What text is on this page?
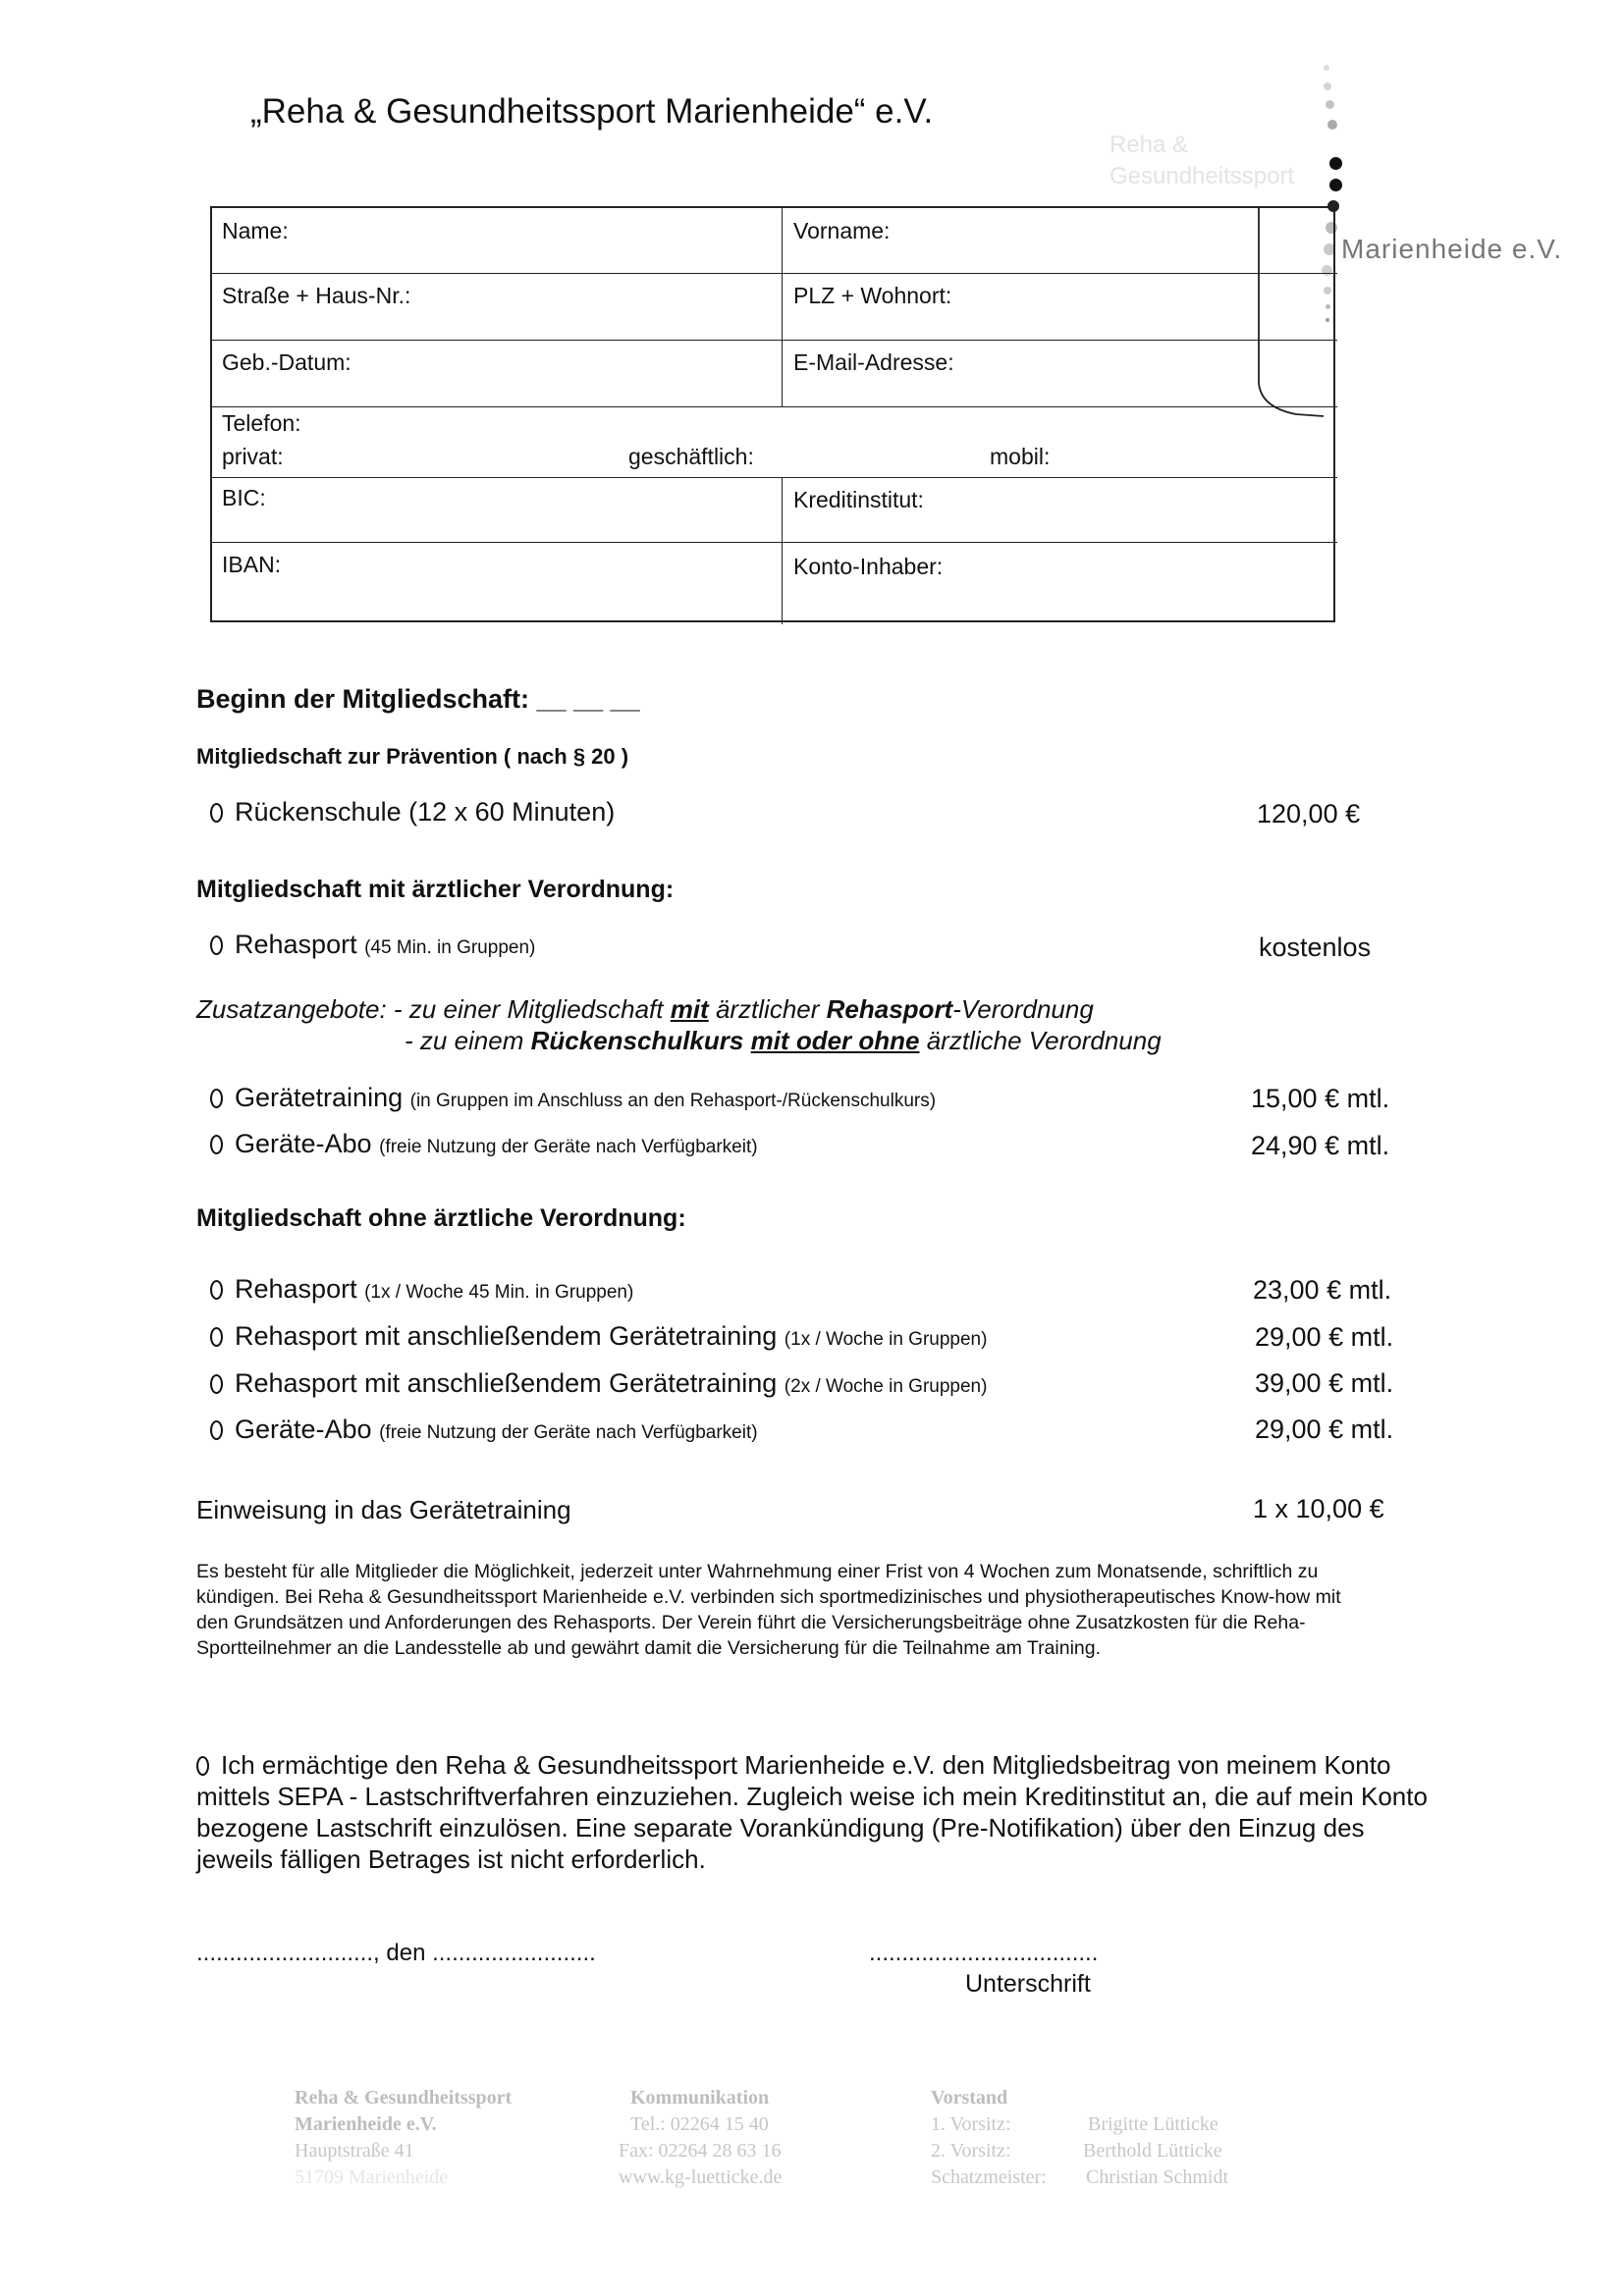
„Reha & Gesundheitssport Marienheide“ e.V.
Reha &
Gesundheitssport
Marienheide e.V.
Name:	Vorname:
Straße + Haus-Nr.:	PLZ + Wohnort:
Geb.-Datum:	E-Mail-Adresse:
Telefon:
privat:	geschäftlich:	mobil:
BIC:	Kreditinstitut:
IBAN:	Konto-Inhaber:
Beginn der Mitgliedschaft: __ __ __
Mitgliedschaft zur Prävention ( nach § 20 )
Rückenschule (12 x 60 Minuten)	120,00 €
Mitgliedschaft mit ärztlicher Verordnung:
Rehasport (45 Min. in Gruppen)	kostenlos
Zusatzangebote: - zu einer Mitgliedschaft mit ärztlicher Rehasport-Verordnung
- zu einem Rückenschulkurs mit oder ohne ärztliche Verordnung
Gerätetraining (in Gruppen im Anschluss an den Rehasport-/Rückenschulkurs)	15,00 € mtl.
Geräte-Abo (freie Nutzung der Geräte nach Verfügbarkeit)	24,90 € mtl.
Mitgliedschaft ohne ärztliche Verordnung:
Rehasport (1x / Woche 45 Min. in Gruppen)	23,00 € mtl.
Rehasport mit anschließendem Gerätetraining (1x / Woche in Gruppen)	29,00 € mtl.
Rehasport mit anschließendem Gerätetraining (2x / Woche in Gruppen)	39,00 € mtl.
Geräte-Abo (freie Nutzung der Geräte nach Verfügbarkeit)	29,00 € mtl.
Einweisung in das Gerätetraining	1 x 10,00 €
Es besteht für alle Mitglieder die Möglichkeit, jederzeit unter Wahrnehmung einer Frist von 4 Wochen zum Monatsende, schriftlich zu kündigen. Bei Reha & Gesundheitssport Marienheide e.V. verbinden sich sportmedizinisches und physiotherapeutisches Know-how mit den Grundsätzen und Anforderungen des Rehasports. Der Verein führt die Versicherungsbeiträge ohne Zusatzkosten für die Reha-Sportteilnehmer an die Landesstelle ab und gewährt damit die Versicherung für die Teilnahme am Training.
Ich ermächtige den Reha & Gesundheitssport Marienheide e.V. den Mitgliedsbeitrag von meinem Konto mittels SEPA - Lastschriftverfahren einzuziehen. Zugleich weise ich mein Kreditinstitut an, die auf mein Konto bezogene Lastschrift einzulösen. Eine separate Vorankündigung (Pre-Notifikation) über den Einzug des jeweils fälligen Betrages ist nicht erforderlich.
..........................., den .........................	...................................
Unterschrift
Reha & Gesundheitssport
Marienheide e.V.
Hauptstraße 41
51709 Marienheide
Kommunikation
Tel.: 02264 15 40
Fax: 02264 28 63 16
www.kg-luetticke.de
Vorstand
1. Vorsitz:	Brigitte Lütticke
2. Vorsitz:	Berthold Lütticke
Schatzmeister: Christian Schmidt
